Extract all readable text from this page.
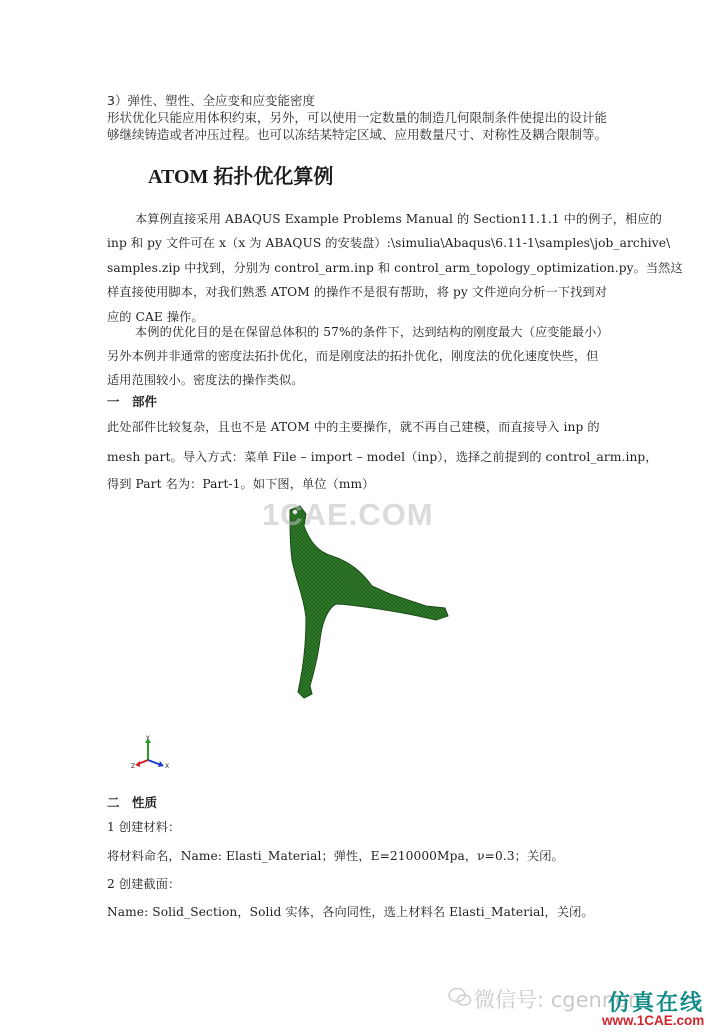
3）弹性、塑性、全应变和应变能密度
形状优化只能应用体积约束，另外，可以使用一定数量的制造几何限制条件使提出的设计能
够继续铸造或者冲压过程。也可以冻结某特定区域、应用数量尺寸、对称性及耦合限制等。
ATOM 拓扑优化算例
本算例直接采用 ABAQUS Example Problems Manual 的 Section11.1.1 中的例子，相应的
inp 和 py 文件可在 x（x 为 ABAQUS 的安装盘）:\simulia\Abaqus\6.11-1\samples\job_archive\
samples.zip 中找到，分别为 control_arm.inp 和 control_arm_topology_optimization.py。当然这
样直接使用脚本，对我们熟悉 ATOM 的操作不是很有帮助，将 py 文件逆向分析一下找到对
应的 CAE 操作。
本例的优化目的是在保留总体积的 57%的条件下，达到结构的刚度最大（应变能最小）
另外本例并非通常的密度法拓扑优化，而是刚度法的拓扑优化，刚度法的优化速度快些，但
适用范围较小。密度法的操作类似。
一　部件
此处部件比较复杂，且也不是 ATOM 中的主要操作，就不再自己建模，而直接导入 inp 的
mesh part。导入方式：菜单 File – import – model（inp），选择之前提到的 control_arm.inp，
得到 Part 名为：Part-1。如下图，单位（mm）
1CAE.COM
Y
Z	X
二　性质
1 创建材料：
将材料命名，Name: Elasti_Material；弹性，E=210000Mpa，ν=0.3；关闭。
2 创建截面：
Name: Solid_Section，Solid 实体，各向同性，选上材料名 Elasti_Material，关闭。
微信号: cgennon
仿真在线
www.1CAE.com
